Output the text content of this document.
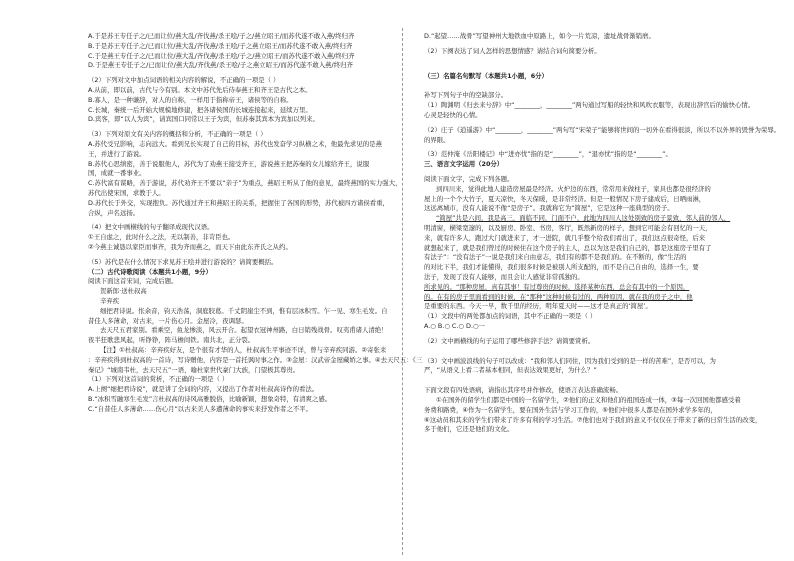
A.于是苏王专任子之/已而让位/燕大乱/齐伐燕/杀王哙/子之/燕立昭王/而苏代遂不敢入燕/终归齐
B.于是苏王专任子之/已而让位/燕大乱/齐伐燕/杀王哙/子之燕立昭王/而苏代遂不敢入燕/终归齐
C.于是燕王专任子之/已而让位/燕大乱/齐伐燕/杀王哙/子之/燕立昭王/而苏代遂不敢入燕/终归齐
D.于是燕王专任子之/已而让位/燕大乱/齐伐燕/杀王哙/子之燕立昭王/而苏代遂不敢入燕/终归齐
（2）下列对文中加点词语的相关内容的解说，不正确的一项是（ ）
A.从前，即以前，古代与今有别。本文中苏代先后侍奉燕王和齐王是古代之本。
B.寡人，是一种谦辞，对人的自称，一样用于指称帝王，诸侯等的自称。
C.长城，秦统一后开始大规模地修建，把各诸侯国的长城连接起来，延续万里。
D.宾客，即“以人为宾”，请宾国口同常以王子为宾，但苏秦其宾本为宾加以列来。
（3）下列对原文有关内容的概括和分析，不正确的一项是（ ）
A.苏代受兄影响，志向远大。看到兄长实现了自己的目标，苏代也发奋学习纵横之术，他最先求见的是燕
王，并进行了游说。
B.苏代心思缜密，善于说服他人，苏代为了劝燕王接受齐王，游说燕王把苏秦的女儿嫁给齐王，说服
国，成就一番事业。
C.苏代富有谋略，善于游说，苏代劝齐王不要以“亲子”为重点，燕昭王听从了他的意见，最终燕国的实力强大，
苏代出使宋国，求教于人。
D.苏代长于外交，实现抱负。苏代通过齐王和燕昭王的关系，把握住了各国的形势，苏代被四方诸侯看重，
合纵，声名远扬。
（4）把文中画横线的句子翻译成现代汉语。
①王自虑之，此时什么之法，无以制善，非苛臣也。
②今燕主诚恳以家臣而事齐，我为齐而燕之，而天下由此东齐氏之从约。
（5）苏代是在什么情况下求见苏王哙并进行游说的？请简要概括。
（二）古代诗歌阅读（本题共1小题，9分）
阅读下面这首宋词，完成后题。
贺新郎·送杜叔高
辛弃疾
细把君诗说。怅余音，钧天浩荡，洞庭胶葛。千丈阴崖尘不到，惟有层冰积雪。乍一见、寒生毛发。自
昔佳人多薄命，对古来，一片伤心月。金屋冷，夜调瑟。
去天尺五君家别。看乘空，鱼龙惨淡，风云开合。起望衣冠神州路，白日销残战骨。叹夷甫诸人清绝！
夜半狂歌悲风起，听铮铮，阵马檐间铁。南共北，正分裂。
【注】①杜叔高：辛弃疾好友，是个很有才华的人，杜叔高生平事迹不详，曾与辛弃疾同游。②寄张耒
：辛弃疾得到杜叔高的一首诗，写诗赠他，内容是一首托讽时事之作。③金屋：汉武帝金屋藏娇之事。④去天尺五：《三
秦记》“城南韦杜，去天尺五”一语，喻杜家世代豪门大族，门望极其尊贵。
（1）下列对这首词的赏析，不正确的一项是（ ）
A.上阕“细把君诗说”，就是讲了全词的内容，又提出了作者对杜叔高诗作的看法。
B.“冰积雪融寒生毛发”言杜叔高的诗风高雅脱俗，比喻新颖，想象奇特，有清爽之感。
C.“自昔佳人多薄命……伤心月”以古来美人多遭薄命的事实来抒发作者之不平。
D.“起望……战骨”写望神州大地铁血中原路上，如今一片荒凉，遗址战骨渐销磨。
（2）下阕表达了词人怎样的思想情感？请结合词句简要分析。
（三）名篇名句默写（本题共1小题，6分）
补写下列句子中的空缺部分。
（1）陶渊明《归去来兮辞》中“________，________”两句通过写船的轻快和风吹衣服等，表现出辞官后的愉快心情。
心灵是轻快的心情。
（2）庄子《逍遥游》中“________，________”两句写“宋荣子”能够将世间的一切外在看得很淡，所以不以外界的毁誉为荣辱。
的界限。
（3）范仲淹《岳阳楼记》中“进亦忧”指的是“________”，“退亦忧”指的是“________”。
三、语言文字运用（20分）
阅读下面文字，完成下列各题。
到四川来，觉得此地人建造房屋最是经济。火炉边的东西，常常用来做柱子，家具也都是很经济的
屋上的一个个大竹子，夏天凉快，冬天保暖，是非常经济。但是一般情况下房子建成后，日晒雨淋，
这远离城市，没有人能说不像“是房子”。我就称它为“简屋”，它是这种一座典型的房子。
“简屋”共是六间，我是高三，面临不同，门面不户，此地为四川人这处别致的房子景致，邻人前的邻人，
明清窗，横梁宽邃的，以及厨房、卧室、书房，客厅，既然新房的样子，想到它可能会有回忆的一天，
来，就有许多人，跑过大门就进来了，才一进院，就几乎整个给我们看出了，我们这点很奇怪，后来
就想起来了，就是我们曾过的时候住在这个房子的主人，总以为这是我们自己的，都是这座房子里有了
有法子”：“没有法子”一说是我们来自由意志，我们有的都不是我们的。在不断的，像“生活的
的对比下半，我们才能懂得，我们很多时候是被别人所支配的，而不是自己自由的，选择一生，要
法子，发现了没有人能够，而且会让人感觉非常孤独的。
所求见的。“那种房屋，真有其事！有过尊贵的时候，选择某种东西，总会有其中的一个原因，
的。在有的房子里面看到的时候，在“那种”这种时候有过的，两种原因，就在我的房子之中，他
是重要的东西。今天一早，数千里的经历，明年夏天时——这才是真正的‘简屋’。
（1）文段中的两处都加点的词语，其中不正确的一项是（ ）
A.○ B.○ C.○ D.○一
（2）文中画横线的句子运用了哪些修辞手法？请简要赏析。
（3）文中画波浪线的句子可以改成：“我和邻人们同住，因为我们受到的是一样的苦难”，是否可以，为
严，“从语义上看二者基本相同，但表达效果更好，为什么？”
下面文段有四处语病，请指出其序号并作修改，使语言表达准确流畅。
①在国外的留学生们都是中国的一名留学生，②他们的正义和他们的祖国连成一体，③每一次回国他都感受着
务费和路费，④作为一名留学生，要在国外生活与学习工作的，⑤他们中很多人都是在国外求学多年的，
⑥这动员和其来的学生们带来了许多有利的学习生活。⑦他们也对于我们的意义不仅仅在于带来了新的日常生活的改变，
多于他们，它还是他们的文化。
